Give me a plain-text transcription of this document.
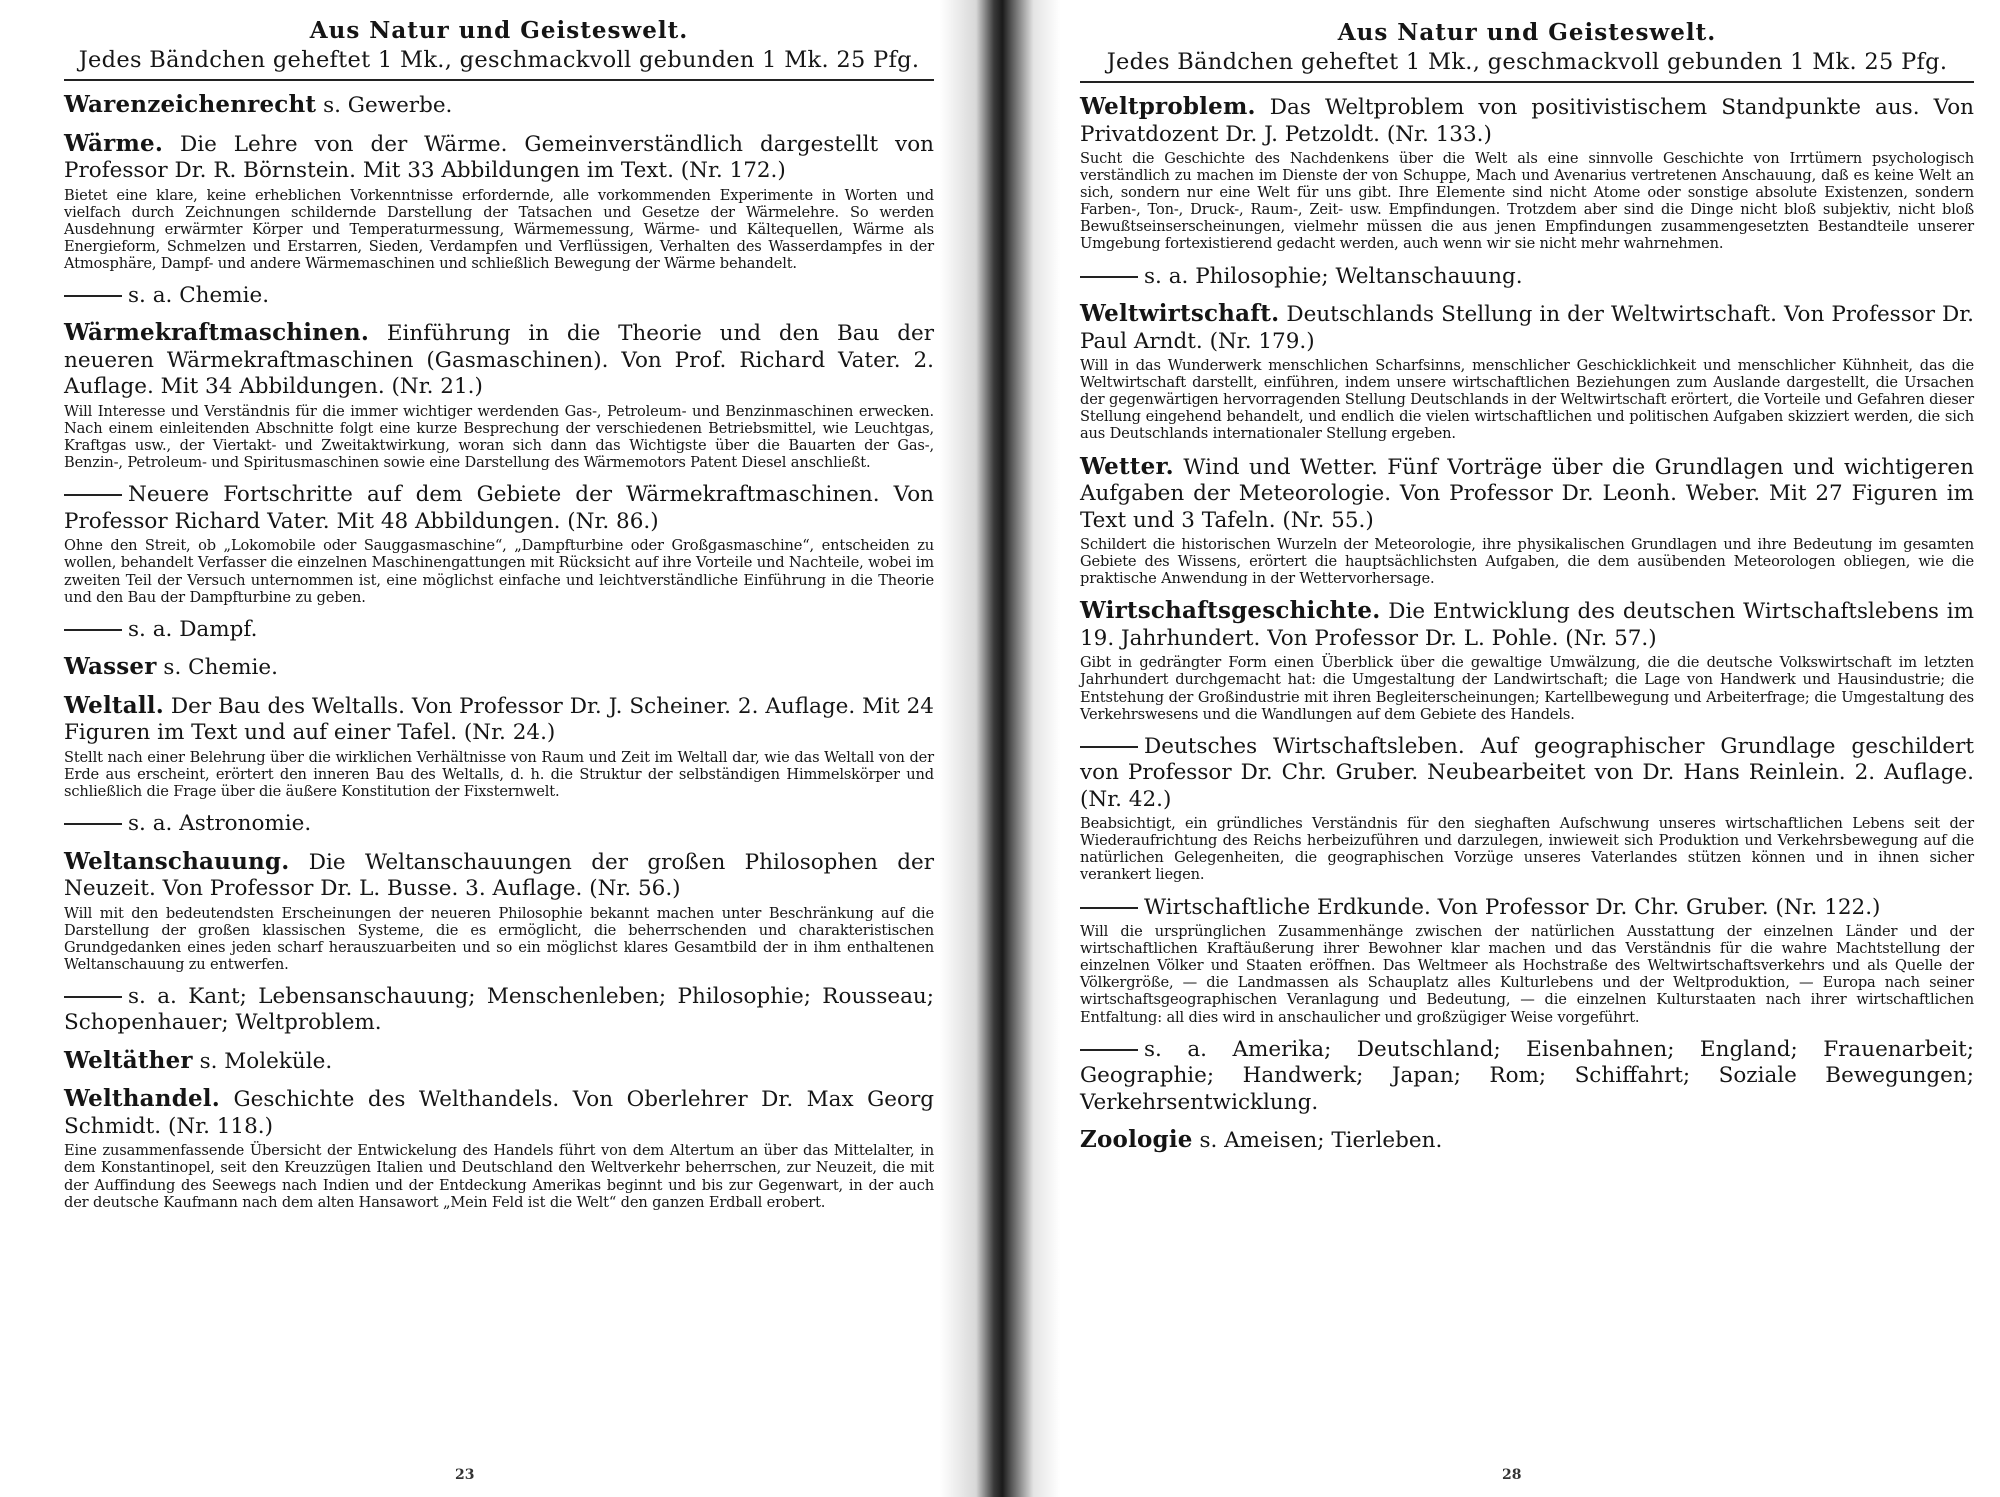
Aus Natur und Geisteswelt.
Jedes Bändchen geheftet 1 Mk., geschmackvoll gebunden 1 Mk. 25 Pfg.

Warenzeichenrecht s. Gewerbe.

Wärme. Die Lehre von der Wärme. Gemeinverständlich dargestellt von Professor Dr. R. Börnstein. Mit 33 Abbildungen im Text. (Nr. 172.)

Bietet eine klare, keine erheblichen Vorkenntnisse erfordernde, alle vorkommenden Experimente in Worten und vielfach durch Zeichnungen schildernde Darstellung der Tatsachen und Gesetze der Wärmelehre. So werden Ausdehnung erwärmter Körper und Temperaturmessung, Wärmemessung, Wärme- und Kältequellen, Wärme als Energieform, Schmelzen und Erstarren, Sieden, Verdampfen und Verflüssigen, Verhalten des Wasserdampfes in der Atmosphäre, Dampf- und andere Wärmemaschinen und schließlich Bewegung der Wärme behandelt.

s. a. Chemie.

Wärmekraftmaschinen. Einführung in die Theorie und den Bau der neueren Wärmekraftmaschinen (Gasmaschinen). Von Prof. Richard Vater. 2. Auflage. Mit 34 Abbildungen. (Nr. 21.)

Will Interesse und Verständnis für die immer wichtiger werdenden Gas-, Petroleum- und Benzinmaschinen erwecken. Nach einem einleitenden Abschnitte folgt eine kurze Besprechung der verschiedenen Betriebsmittel, wie Leuchtgas, Kraftgas usw., der Viertakt- und Zweitaktwirkung, woran sich dann das Wichtigste über die Bauarten der Gas-, Benzin-, Petroleum- und Spiritusmaschinen sowie eine Darstellung des Wärmemotors Patent Diesel anschließt.

Neuere Fortschritte auf dem Gebiete der Wärmekraftmaschinen. Von Professor Richard Vater. Mit 48 Abbildungen. (Nr. 86.)

Ohne den Streit, ob „Lokomobile oder Sauggasmaschine“, „Dampfturbine oder Großgasmaschine“, entscheiden zu wollen, behandelt Verfasser die einzelnen Maschinengattungen mit Rücksicht auf ihre Vorteile und Nachteile, wobei im zweiten Teil der Versuch unternommen ist, eine möglichst einfache und leichtverständliche Einführung in die Theorie und den Bau der Dampfturbine zu geben.

s. a. Dampf.

Wasser s. Chemie.

Weltall. Der Bau des Weltalls. Von Professor Dr. J. Scheiner. 2. Auflage. Mit 24 Figuren im Text und auf einer Tafel. (Nr. 24.)

Stellt nach einer Belehrung über die wirklichen Verhältnisse von Raum und Zeit im Weltall dar, wie das Weltall von der Erde aus erscheint, erörtert den inneren Bau des Weltalls, d. h. die Struktur der selbständigen Himmelskörper und schließlich die Frage über die äußere Konstitution der Fixsternwelt.

s. a. Astronomie.

Weltanschauung. Die Weltanschauungen der großen Philosophen der Neuzeit. Von Professor Dr. L. Busse. 3. Auflage. (Nr. 56.)

Will mit den bedeutendsten Erscheinungen der neueren Philosophie bekannt machen unter Beschränkung auf die Darstellung der großen klassischen Systeme, die es ermöglicht, die beherrschenden und charakteristischen Grundgedanken eines jeden scharf herauszuarbeiten und so ein möglichst klares Gesamtbild der in ihm enthaltenen Weltanschauung zu entwerfen.

s. a. Kant; Lebensanschauung; Menschenleben; Philosophie; Rousseau; Schopenhauer; Weltproblem.

Weltäther s. Moleküle.

Welthandel. Geschichte des Welthandels. Von Oberlehrer Dr. Max Georg Schmidt. (Nr. 118.)

Eine zusammenfassende Übersicht der Entwickelung des Handels führt von dem Altertum an über das Mittelalter, in dem Konstantinopel, seit den Kreuzzügen Italien und Deutschland den Weltverkehr beherrschen, zur Neuzeit, die mit der Auffindung des Seewegs nach Indien und der Entdeckung Amerikas beginnt und bis zur Gegenwart, in der auch der deutsche Kaufmann nach dem alten Hansawort „Mein Feld ist die Welt“ den ganzen Erdball erobert.

23
Aus Natur und Geisteswelt.
Jedes Bändchen geheftet 1 Mk., geschmackvoll gebunden 1 Mk. 25 Pfg.

Weltproblem. Das Weltproblem von positivistischem Standpunkte aus. Von Privatdozent Dr. J. Petzoldt. (Nr. 133.)

Sucht die Geschichte des Nachdenkens über die Welt als eine sinnvolle Geschichte von Irrtümern psychologisch verständlich zu machen im Dienste der von Schuppe, Mach und Avenarius vertretenen Anschauung, daß es keine Welt an sich, sondern nur eine Welt für uns gibt. Ihre Elemente sind nicht Atome oder sonstige absolute Existenzen, sondern Farben-, Ton-, Druck-, Raum-, Zeit- usw. Empfindungen. Trotzdem aber sind die Dinge nicht bloß subjektiv, nicht bloß Bewußtseinserscheinungen, vielmehr müssen die aus jenen Empfindungen zusammengesetzten Bestandteile unserer Umgebung fortexistierend gedacht werden, auch wenn wir sie nicht mehr wahrnehmen.

s. a. Philosophie; Weltanschauung.

Weltwirtschaft. Deutschlands Stellung in der Weltwirtschaft. Von Professor Dr. Paul Arndt. (Nr. 179.)

Will in das Wunderwerk menschlichen Scharfsinns, menschlicher Geschicklichkeit und menschlicher Kühnheit, das die Weltwirtschaft darstellt, einführen, indem unsere wirtschaftlichen Beziehungen zum Auslande dargestellt, die Ursachen der gegenwärtigen hervorragenden Stellung Deutschlands in der Weltwirtschaft erörtert, die Vorteile und Gefahren dieser Stellung eingehend behandelt, und endlich die vielen wirtschaftlichen und politischen Aufgaben skizziert werden, die sich aus Deutschlands internationaler Stellung ergeben.

Wetter. Wind und Wetter. Fünf Vorträge über die Grundlagen und wichtigeren Aufgaben der Meteorologie. Von Professor Dr. Leonh. Weber. Mit 27 Figuren im Text und 3 Tafeln. (Nr. 55.)

Schildert die historischen Wurzeln der Meteorologie, ihre physikalischen Grundlagen und ihre Bedeutung im gesamten Gebiete des Wissens, erörtert die hauptsächlichsten Aufgaben, die dem ausübenden Meteorologen obliegen, wie die praktische Anwendung in der Wettervorhersage.

Wirtschaftsgeschichte. Die Entwicklung des deutschen Wirtschaftslebens im 19. Jahrhundert. Von Professor Dr. L. Pohle. (Nr. 57.)

Gibt in gedrängter Form einen Überblick über die gewaltige Umwälzung, die die deutsche Volkswirtschaft im letzten Jahrhundert durchgemacht hat: die Umgestaltung der Landwirtschaft; die Lage von Handwerk und Hausindustrie; die Entstehung der Großindustrie mit ihren Begleiterscheinungen; Kartellbewegung und Arbeiterfrage; die Umgestaltung des Verkehrswesens und die Wandlungen auf dem Gebiete des Handels.

Deutsches Wirtschaftsleben. Auf geographischer Grundlage geschildert von Professor Dr. Chr. Gruber. Neubearbeitet von Dr. Hans Reinlein. 2. Auflage. (Nr. 42.)

Beabsichtigt, ein gründliches Verständnis für den sieghaften Aufschwung unseres wirtschaftlichen Lebens seit der Wiederaufrichtung des Reichs herbeizuführen und darzulegen, inwieweit sich Produktion und Verkehrsbewegung auf die natürlichen Gelegenheiten, die geographischen Vorzüge unseres Vaterlandes stützen können und in ihnen sicher verankert liegen.

Wirtschaftliche Erdkunde. Von Professor Dr. Chr. Gruber. (Nr. 122.)

Will die ursprünglichen Zusammenhänge zwischen der natürlichen Ausstattung der einzelnen Länder und der wirtschaftlichen Kraftäußerung ihrer Bewohner klar machen und das Verständnis für die wahre Machtstellung der einzelnen Völker und Staaten eröffnen. Das Weltmeer als Hochstraße des Weltwirtschaftsverkehrs und als Quelle der Völkergröße, — die Landmassen als Schauplatz alles Kulturlebens und der Weltproduktion, — Europa nach seiner wirtschaftsgeographischen Veranlagung und Bedeutung, — die einzelnen Kulturstaaten nach ihrer wirtschaftlichen Entfaltung: all dies wird in anschaulicher und großzügiger Weise vorgeführt.

s. a. Amerika; Deutschland; Eisenbahnen; England; Frauenarbeit; Geographie; Handwerk; Japan; Rom; Schiffahrt; Soziale Bewegungen; Verkehrsentwicklung.

Zoologie s. Ameisen; Tierleben.

28
